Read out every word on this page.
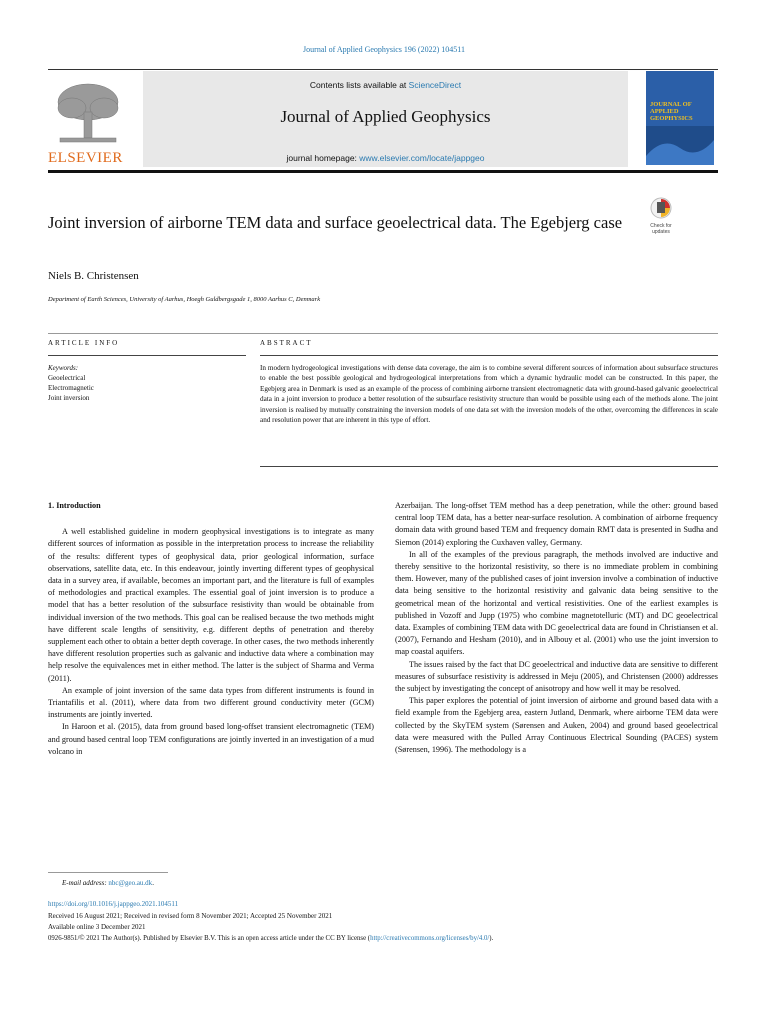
Journal of Applied Geophysics 196 (2022) 104511
ELSEVIER
Contents lists available at ScienceDirect
Journal of Applied Geophysics
journal homepage: www.elsevier.com/locate/jappgeo
JOURNAL OF APPLIED GEOPHYSICS
Joint inversion of airborne TEM data and surface geoelectrical data. The Egebjerg case	Check for updates
Niels B. Christensen
Department of Earth Sciences, University of Aarhus, Hoegh Guldbergsgade 1, 8000 Aarhus C, Denmark
ARTICLE INFO
Keywords:
Geoelectrical
Electromagnetic
Joint inversion
ABSTRACT
In modern hydrogeological investigations with dense data coverage, the aim is to combine several different sources of information about subsurface structures to enable the best possible geological and hydrogeological interpretations from which a dynamic hydraulic model can be constructed. In this paper, the Egebjerg area in Denmark is used as an example of the process of combining airborne transient electromagnetic data with ground-based galvanic geoelectrical data in a joint inversion to produce a better resolution of the subsurface resistivity structure than would be possible using each of the methods alone. The joint inversion is realised by mutually constraining the inversion models of one data set with the inversion models of the other, overcoming the differences in scale and resolution power that are inherent in this type of effort.

1. Introduction

A well established guideline in modern geophysical investigations is to integrate as many different sources of information as possible in the interpretation process to increase the reliability of the results: different types of geophysical data, prior geological information, surface observations, satellite data, etc. In this endeavour, jointly inverting different types of geophysical data in a survey area, if available, becomes an important part, and the literature is full of examples of methodologies and practical examples. The essential goal of joint inversion is to produce a model that has a better resolution of the subsurface resistivity than would be obtainable from individual inversion of the two methods. This goal can be realised because the two methods might have different scale lengths of sensitivity, e.g. different depths of penetration and thereby supplement each other to obtain a better depth coverage. In other cases, the two methods inherently have different resolution properties such as galvanic and inductive data where a combination may help resolve the equivalences met in either method. The latter is the subject of Sharma and Verma (2011).

An example of joint inversion of the same data types from different instruments is found in Triantafilis et al. (2011), where data from two different ground conductivity meter (GCM) instruments are jointly inverted.

In Haroon et al. (2015), data from ground based long-offset transient electromagnetic (TEM) and ground based central loop TEM configurations are jointly inverted in an investigation of a mud volcano in

Azerbaijan. The long-offset TEM method has a deep penetration, while the other: ground based central loop TEM data, has a better near-surface resolution. A combination of airborne frequency domain data with ground based TEM and frequency domain RMT data is presented in Sudha and Siemon (2014) exploring the Cuxhaven valley, Germany.

In all of the examples of the previous paragraph, the methods involved are inductive and thereby sensitive to the horizontal resistivity, so there is no immediate problem in combining them. However, many of the published cases of joint inversion involve a combination of inductive data being sensitive to the horizontal resistivity and galvanic data being sensitive to the geometrical mean of the horizontal and vertical resistivities. One of the earliest examples is published in Vozoff and Jupp (1975) who combine magnetotelluric (MT) and DC geoelectrical data. Examples of combining TEM data with DC geoelectrical data are found in Christiansen et al. (2007), Fernando and Hesham (2010), and in Albouy et al. (2001) who use the joint inversion to map coastal aquifers.

The issues raised by the fact that DC geoelectrical and inductive data are sensitive to different measures of subsurface resistivity is addressed in Meju (2005), and Christensen (2000) addresses the subject by investigating the concept of anisotropy and how well it may be resolved.

This paper explores the potential of joint inversion of airborne and ground based data with a field example from the Egebjerg area, eastern Jutland, Denmark, where airborne TEM data were collected by the SkyTEM system (Sørensen and Auken, 2004) and ground based geoelectrical data were measured with the Pulled Array Continuous Electrical Sounding (PACES) system (Sørensen, 1996). The methodology is a

E-mail address: nbc@geo.au.dk.
https://doi.org/10.1016/j.jappgeo.2021.104511
Received 16 August 2021; Received in revised form 8 November 2021; Accepted 25 November 2021
Available online 3 December 2021
0926-9851/© 2021 The Author(s). Published by Elsevier B.V. This is an open access article under the CC BY license (http://creativecommons.org/licenses/by/4.0/).
